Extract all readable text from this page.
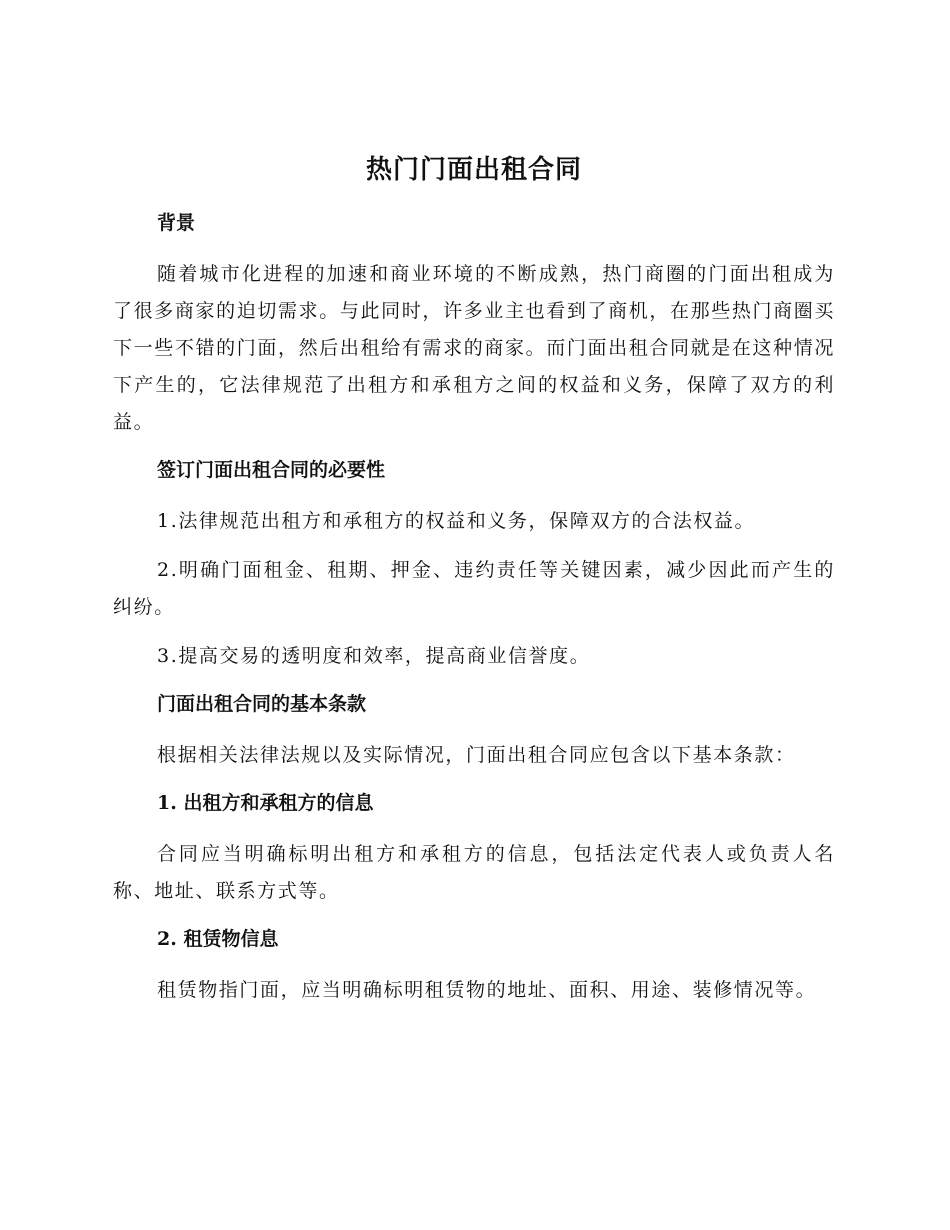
热门门面出租合同
背景

随着城市化进程的加速和商业环境的不断成熟，热门商圈的门面出租成为了很多商家的迫切需求。与此同时，许多业主也看到了商机，在那些热门商圈买下一些不错的门面，然后出租给有需求的商家。而门面出租合同就是在这种情况下产生的，它法律规范了出租方和承租方之间的权益和义务，保障了双方的利益。

签订门面出租合同的必要性

1.法律规范出租方和承租方的权益和义务，保障双方的合法权益。

2.明确门面租金、租期、押金、违约责任等关键因素，减少因此而产生的纠纷。

3.提高交易的透明度和效率，提高商业信誉度。

门面出租合同的基本条款

根据相关法律法规以及实际情况，门面出租合同应包含以下基本条款：

1. 出租方和承租方的信息

合同应当明确标明出租方和承租方的信息，包括法定代表人或负责人名称、地址、联系方式等。

2. 租赁物信息

租赁物指门面，应当明确标明租赁物的地址、面积、用途、装修情况等。
